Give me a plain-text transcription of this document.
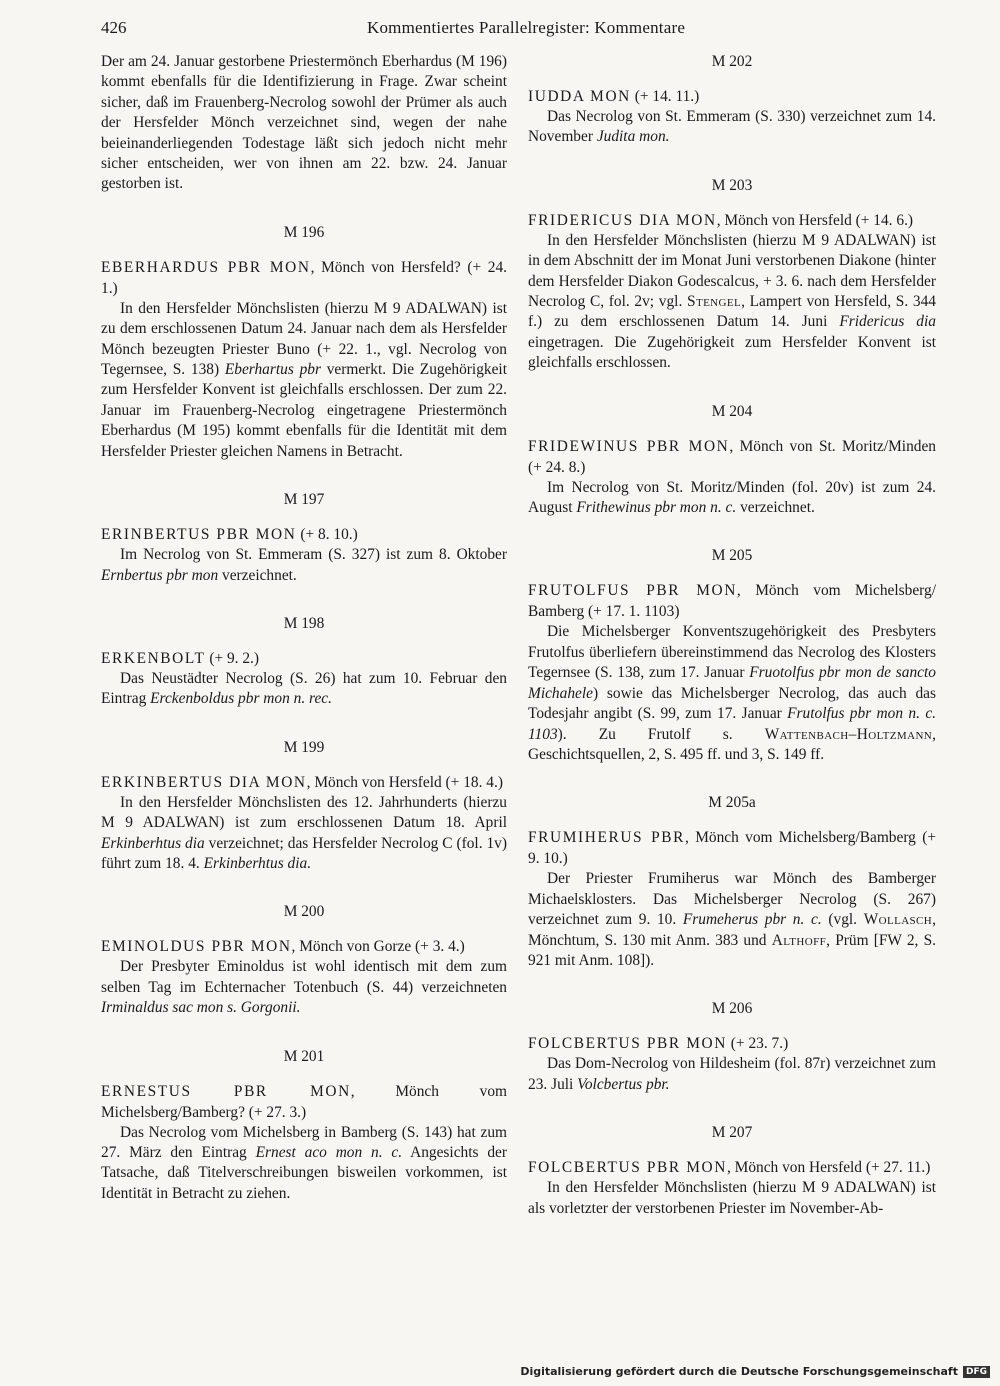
426	Kommentiertes Parallelregister: Kommentare

Der am 24. Januar gestorbene Priestermönch Eberhardus (M 196) kommt ebenfalls für die Identifizierung in Frage. Zwar scheint sicher, daß im Frauenberg-Necrolog sowohl der Prümer als auch der Hersfelder Mönch verzeichnet sind, wegen der nahe beieinanderliegenden Todestage läßt sich jedoch nicht mehr sicher entscheiden, wer von ihnen am 22. bzw. 24. Januar gestorben ist.

M 196

EBERHARDUS PBR MON, Mönch von Hersfeld? (+ 24. 1.)

In den Hersfelder Mönchslisten (hierzu M 9 ADALWAN) ist zu dem erschlossenen Datum 24. Januar nach dem als Hersfelder Mönch bezeugten Priester Buno (+ 22. 1., vgl. Necrolog von Tegernsee, S. 138) Eberhartus pbr vermerkt. Die Zugehörigkeit zum Hersfelder Konvent ist gleichfalls erschlossen. Der zum 22. Januar im Frauenberg-Necrolog eingetragene Priestermönch Eberhardus (M 195) kommt ebenfalls für die Identität mit dem Hersfelder Priester gleichen Namens in Betracht.

M 197

ERINBERTUS PBR MON (+ 8. 10.)

Im Necrolog von St. Emmeram (S. 327) ist zum 8. Oktober Ernbertus pbr mon verzeichnet.

M 198

ERKENBOLT (+ 9. 2.)

Das Neustädter Necrolog (S. 26) hat zum 10. Februar den Eintrag Erckenboldus pbr mon n. rec.

M 199

ERKINBERTUS DIA MON, Mönch von Hersfeld (+ 18. 4.)

In den Hersfelder Mönchslisten des 12. Jahrhunderts (hierzu M 9 ADALWAN) ist zum erschlossenen Datum 18. April Erkinberhtus dia verzeichnet; das Hersfelder Necrolog C (fol. 1v) führt zum 18. 4. Erkinberhtus dia.

M 200

EMINOLDUS PBR MON, Mönch von Gorze (+ 3. 4.)

Der Presbyter Eminoldus ist wohl identisch mit dem zum selben Tag im Echternacher Totenbuch (S. 44) verzeichneten Irminaldus sac mon s. Gorgonii.

M 201

ERNESTUS PBR MON, Mönch vom Michelsberg/Bamberg? (+ 27. 3.)

Das Necrolog vom Michelsberg in Bamberg (S. 143) hat zum 27. März den Eintrag Ernest aco mon n. c. Angesichts der Tatsache, daß Titelverschreibungen bisweilen vorkommen, ist Identität in Betracht zu ziehen.

M 202

IUDDA MON (+ 14. 11.)

Das Necrolog von St. Emmeram (S. 330) verzeichnet zum 14. November Judita mon.

M 203

FRIDERICUS DIA MON, Mönch von Hersfeld (+ 14. 6.)

In den Hersfelder Mönchslisten (hierzu M 9 ADALWAN) ist in dem Abschnitt der im Monat Juni verstorbenen Diakone (hinter dem Hersfelder Diakon Godescalcus, + 3. 6. nach dem Hersfelder Necrolog C, fol. 2v; vgl. Stengel, Lampert von Hersfeld, S. 344 f.) zu dem erschlossenen Datum 14. Juni Fridericus dia eingetragen. Die Zugehörigkeit zum Hersfelder Konvent ist gleichfalls erschlossen.

M 204

FRIDEWINUS PBR MON, Mönch von St. Moritz/Minden (+ 24. 8.)

Im Necrolog von St. Moritz/Minden (fol. 20v) ist zum 24. August Frithewinus pbr mon n. c. verzeichnet.

M 205

FRUTOLFUS PBR MON, Mönch vom Michelsberg/ Bamberg (+ 17. 1. 1103)

Die Michelsberger Konventszugehörigkeit des Presbyters Frutolfus überliefern übereinstimmend das Necrolog des Klosters Tegernsee (S. 138, zum 17. Januar Fruotolfus pbr mon de sancto Michahele) sowie das Michelsberger Necrolog, das auch das Todesjahr angibt (S. 99, zum 17. Januar Frutolfus pbr mon n. c. 1103). Zu Frutolf s. Wattenbach–Holtzmann, Geschichtsquellen, 2, S. 495 ff. und 3, S. 149 ff.

M 205a

FRUMIHERUS PBR, Mönch vom Michelsberg/Bamberg (+ 9. 10.)

Der Priester Frumiherus war Mönch des Bamberger Michaelsklosters. Das Michelsberger Necrolog (S. 267) verzeichnet zum 9. 10. Frumeherus pbr n. c. (vgl. Wollasch, Mönchtum, S. 130 mit Anm. 383 und Althoff, Prüm [FW 2, S. 921 mit Anm. 108]).

M 206

FOLCBERTUS PBR MON (+ 23. 7.)

Das Dom-Necrolog von Hildesheim (fol. 87r) verzeichnet zum 23. Juli Volcbertus pbr.

M 207

FOLCBERTUS PBR MON, Mönch von Hersfeld (+ 27. 11.)

In den Hersfelder Mönchslisten (hierzu M 9 ADALWAN) ist als vorletzter der verstorbenen Priester im November-Ab-

Digitalisierung gefördert durch die Deutsche Forschungsgemeinschaft DFG
